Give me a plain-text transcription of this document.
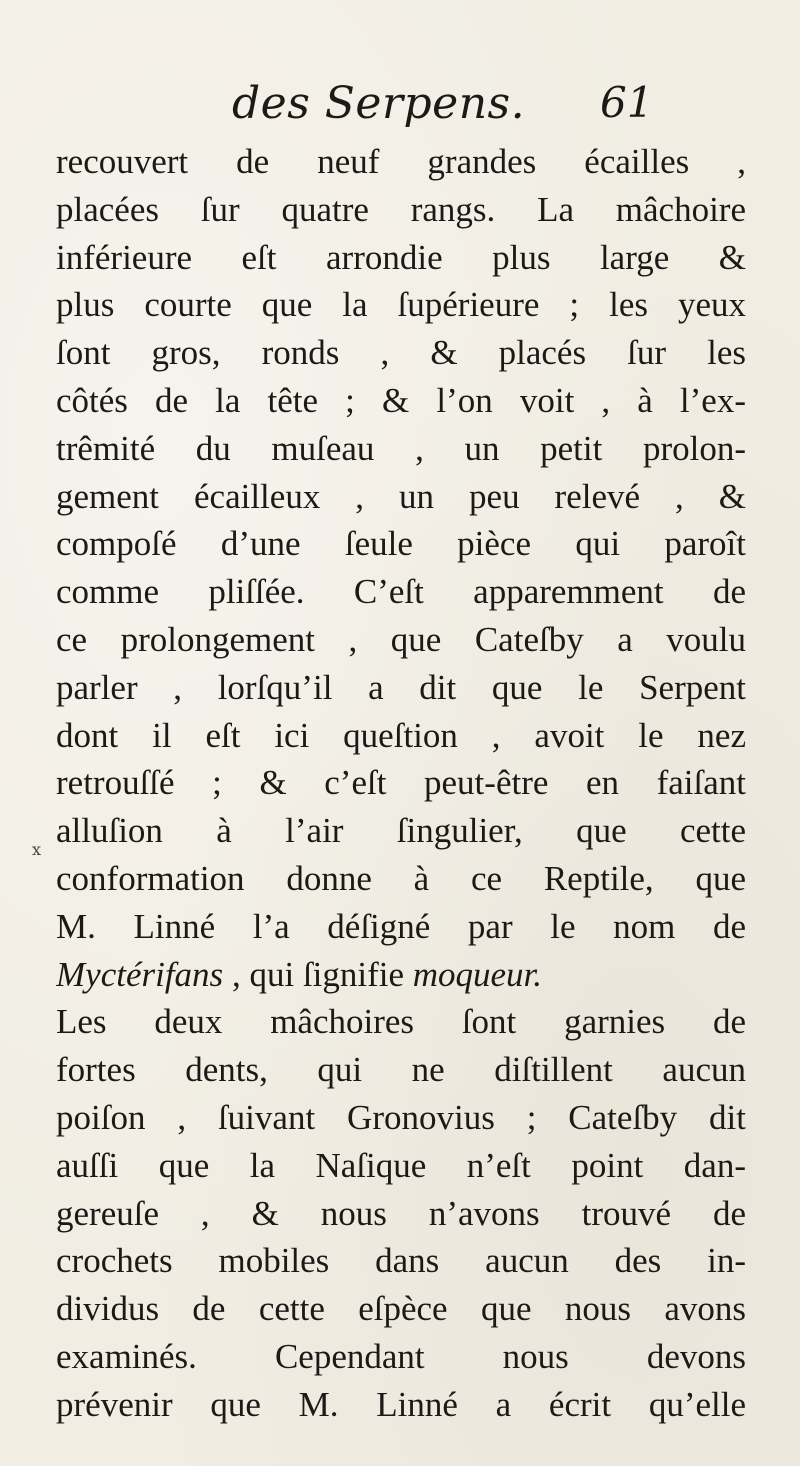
des Serpens. 61
x
recouvert de neuf grandes écailles ,
placées ſur quatre rangs. La mâchoire
inférieure eſt arrondie plus large &
plus courte que la ſupérieure ; les yeux
ſont gros, ronds , & placés ſur les
côtés de la tête ; & l’on voit , à l’ex-
trêmité du muſeau , un petit prolon-
gement écailleux , un peu relevé , &
compoſé d’une ſeule pièce qui paroît
comme pliſſée. C’eſt apparemment de
ce prolongement , que Cateſby a voulu
parler , lorſqu’il a dit que le Serpent
dont il eſt ici queſtion , avoit le nez
retrouſſé ; & c’eſt peut-être en faiſant
alluſion à l’air ſingulier, que cette
conformation donne à ce Reptile, que
M. Linné l’a déſigné par le nom de
Myctérifans , qui ſignifie moqueur.
Les deux mâchoires ſont garnies de
fortes dents, qui ne diſtillent aucun
poiſon , ſuivant Gronovius ; Cateſby dit
auſſi que la Naſique n’eſt point dan-
gereuſe , & nous n’avons trouvé de
crochets mobiles dans aucun des in-
dividus de cette eſpèce que nous avons
examinés. Cependant nous devons
prévenir que M. Linné a écrit qu’elle
